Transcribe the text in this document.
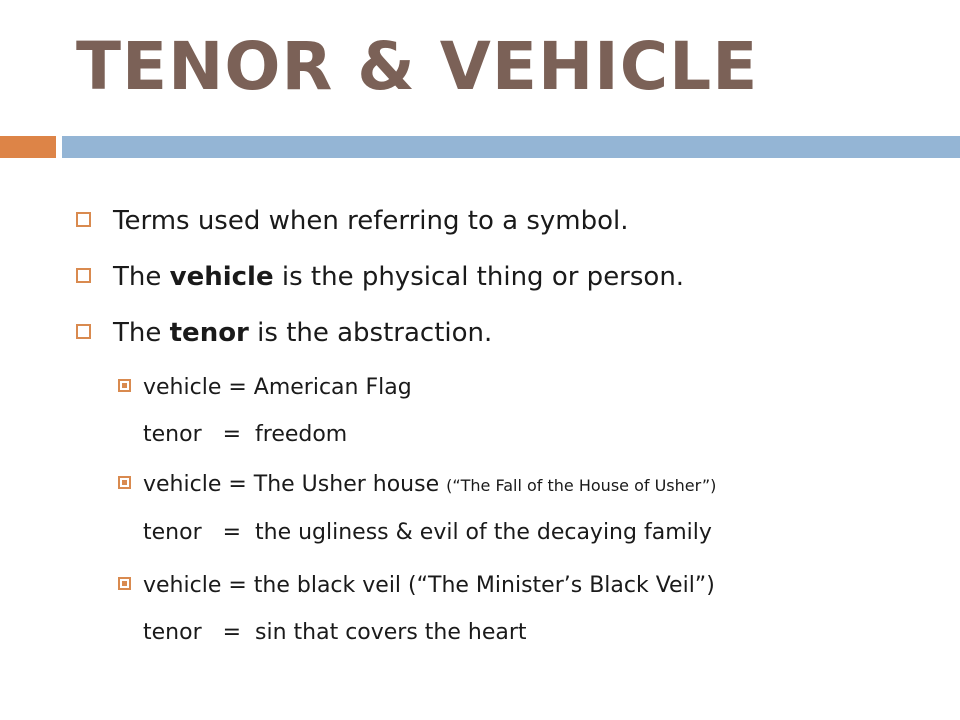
TENOR & VEHICLE
Terms used when referring to a symbol.
The vehicle is the physical thing or person.
The tenor is the abstraction.
vehicle = American Flag
tenor   =  freedom
vehicle = The Usher house (“The Fall of the House of Usher”)
tenor   =  the ugliness & evil of the decaying family
vehicle = the black veil (“The Minister’s Black Veil”)
tenor   =  sin that covers the heart
